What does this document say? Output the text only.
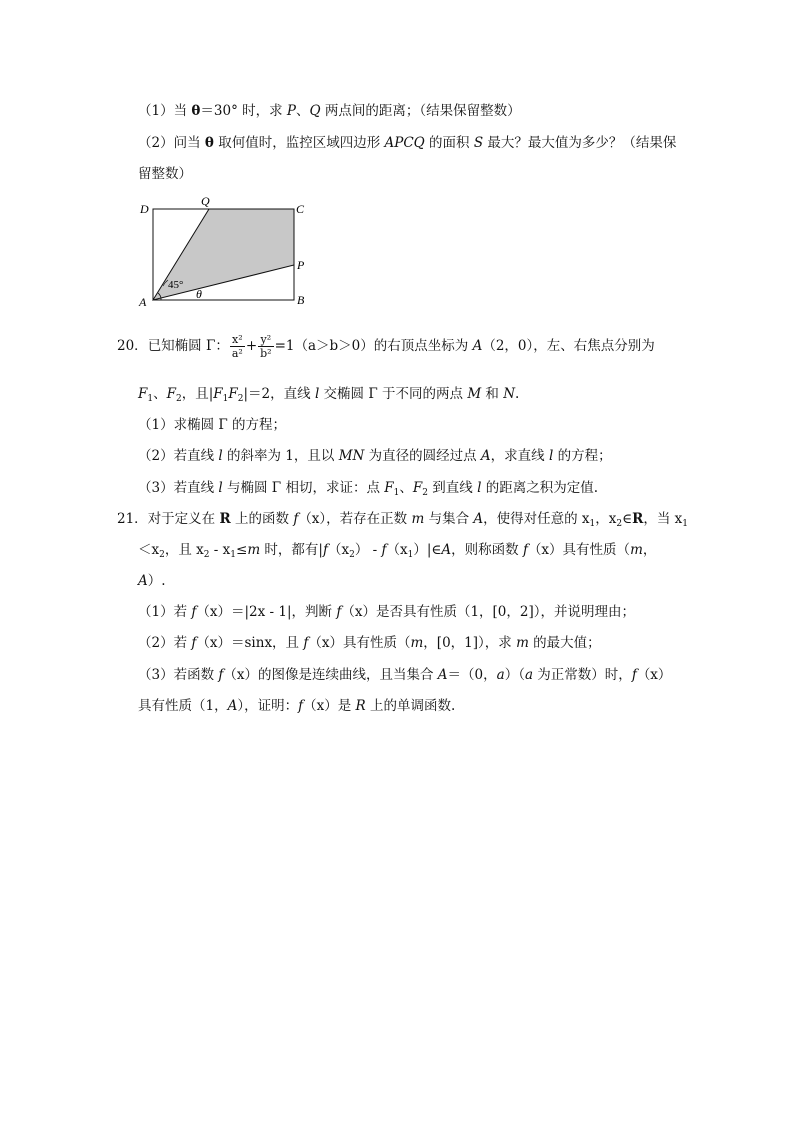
（1）当 θ＝30° 时，求 P、Q 两点间的距离；（结果保留整数）
（2）问当 θ 取何值时，监控区域四边形 APCQ 的面积 S 最大？最大值为多少？（结果保
留整数）
D
Q
C
P
A	B
45°
θ
20．已知椭圆 Γ： $\frac{\text{x²}}{\text{a²}} + \frac{\text{y²}}{\text{b²}} =1(a>b>0)$的右顶点坐标为 A（2，0），左、右焦点分别为
$F_1$、$F_2$，且$|F_1F_2|=2$，直线 l 交椭圆 Γ 于不同的两点 M 和 N.
（1）求椭圆 Γ 的方程；
（2）若直线 l 的斜率为 1，且以 MN 为直径的圆经过点 A，求直线 l 的方程；
（3）若直线 l 与椭圆 Γ 相切，求证：点 $F_1$、$F_2$ 到直线 l 的距离之积为定值.
21．对于定义在 R 上的函数 f（x），若存在正数 m 与集合 A，使得对任意的 $x_1$，$x_2\in R$，当 $x_1$
$<x_2$，且 $x_2 - x_1\le m$ 时，都有$|f(x_2)$ - $f(x_1)|\in A$，则称函数 f（x）具有性质（m，
A）.
（1）若 f（x）＝|2x - 1|，判断 f（x）是否具有性质（1，[0，2]），并说明理由；
（2）若 f（x）＝sinx，且 f（x）具有性质（m，[0，1]），求 m 的最大值；
（3）若函数 f（x）的图像是连续曲线，且当集合 A＝（0，a）（a 为正常数）时，f（x）
具有性质（1，A），证明：f（x）是 R 上的单调函数.
